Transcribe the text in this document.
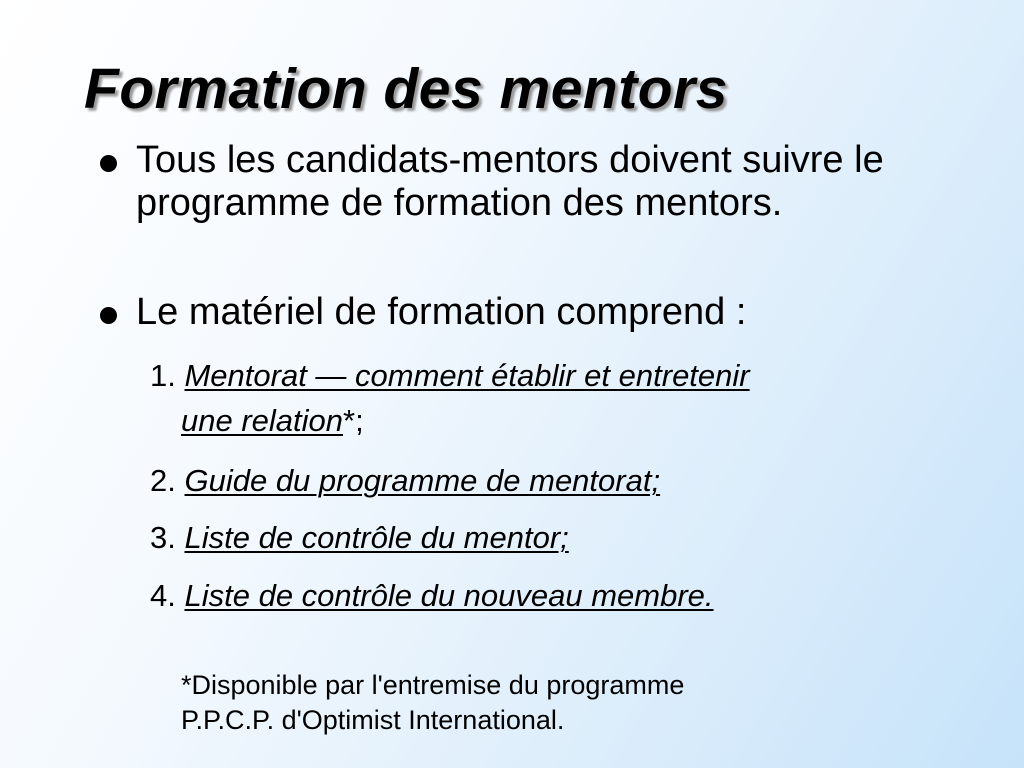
Formation des mentors
Tous les candidats-mentors doivent suivre le programme de formation des mentors.
Le matériel de formation comprend :
1. Mentorat — comment établir et entretenir
une relation*;
2. Guide du programme de mentorat;
3. Liste de contrôle du mentor;
4. Liste de contrôle du nouveau membre.
*Disponible par l'entremise du programme
P.P.C.P. d'Optimist International.
